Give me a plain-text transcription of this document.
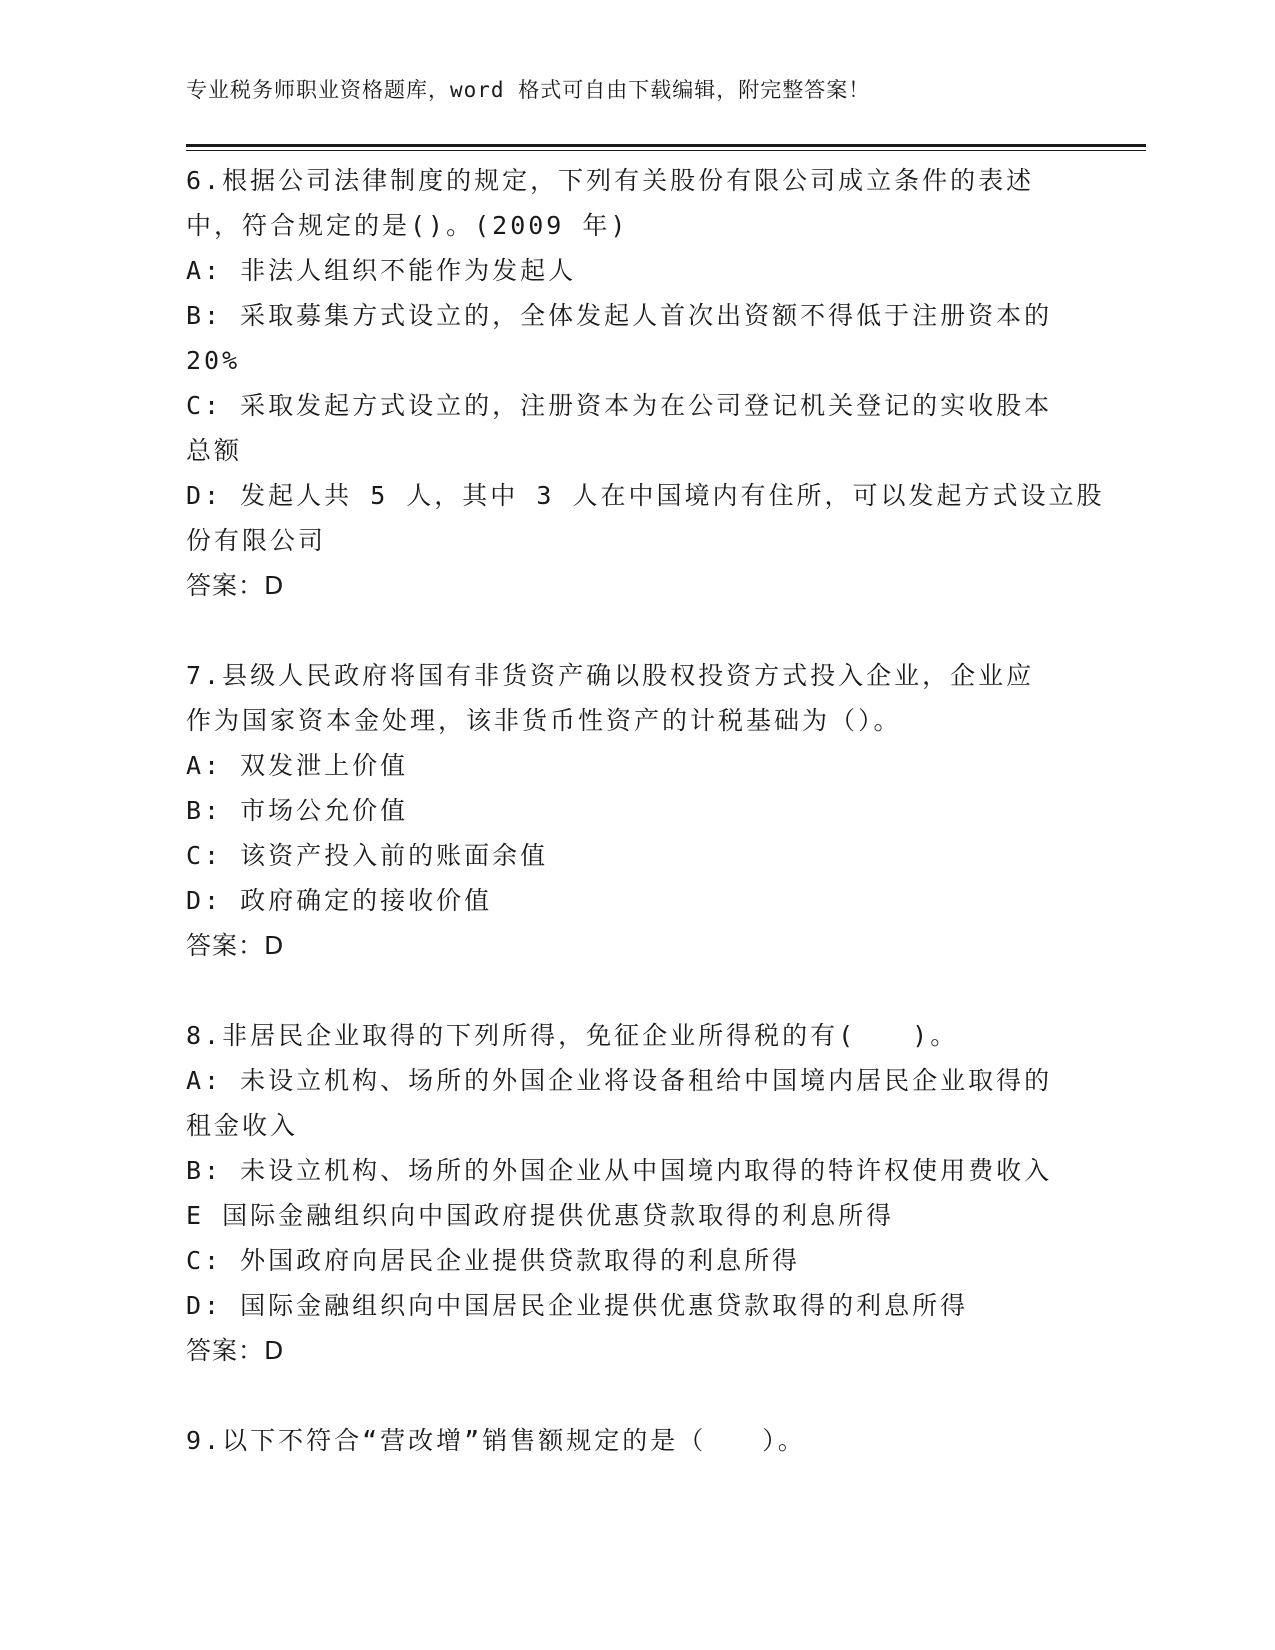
专业税务师职业资格题库，word 格式可自由下载编辑，附完整答案！
6.根据公司法律制度的规定，下列有关股份有限公司成立条件的表述
中，符合规定的是()。(2009 年)
A: 非法人组织不能作为发起人
B: 采取募集方式设立的，全体发起人首次出资额不得低于注册资本的
20%
C: 采取发起方式设立的，注册资本为在公司登记机关登记的实收股本
总额
D: 发起人共 5 人，其中 3 人在中国境内有住所，可以发起方式设立股
份有限公司
答案：D
7.县级人民政府将国有非货资产确以股权投资方式投入企业，企业应
作为国家资本金处理，该非货币性资产的计税基础为（）。
A: 双发泄上价值
B: 市场公允价值
C: 该资产投入前的账面余值
D: 政府确定的接收价值
答案：D
8.非居民企业取得的下列所得，免征企业所得税的有(　　)。
A: 未设立机构、场所的外国企业将设备租给中国境内居民企业取得的
租金收入
B: 未设立机构、场所的外国企业从中国境内取得的特许权使用费收入
E 国际金融组织向中国政府提供优惠贷款取得的利息所得
C: 外国政府向居民企业提供贷款取得的利息所得
D: 国际金融组织向中国居民企业提供优惠贷款取得的利息所得
答案：D
9.以下不符合“营改增”销售额规定的是（　　）。
